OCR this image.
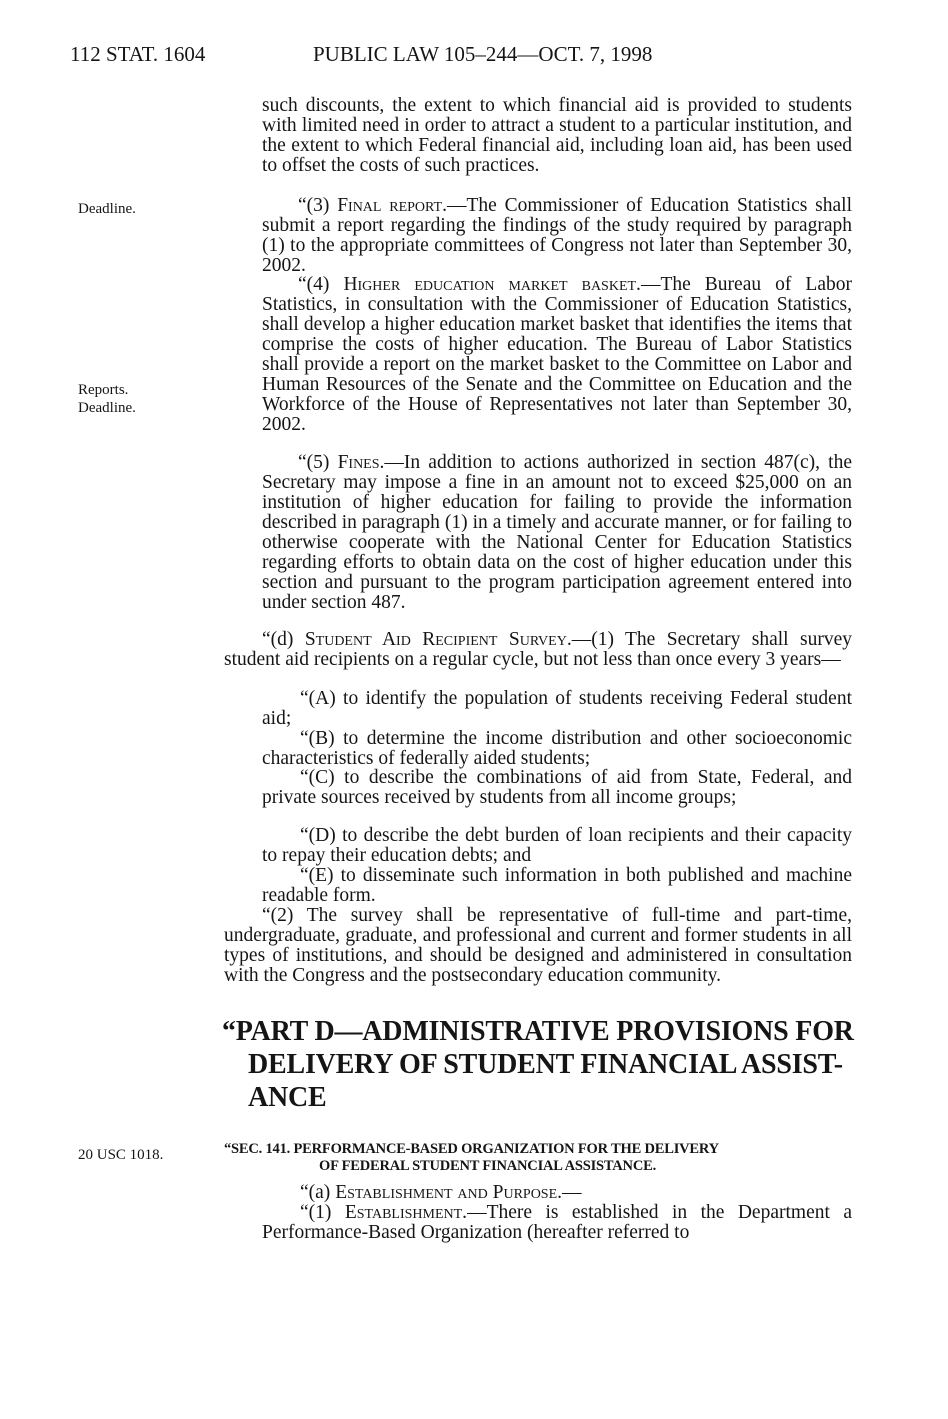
112 STAT. 1604	PUBLIC LAW 105–244—OCT. 7, 1998
Deadline.
Reports.
Deadline.
20 USC 1018.
such discounts, the extent to which financial aid is provided to students with limited need in order to attract a student to a particular institution, and the extent to which Federal financial aid, including loan aid, has been used to offset the costs of such practices.
“(3) Final report.—The Commissioner of Education Statistics shall submit a report regarding the findings of the study required by paragraph (1) to the appropriate committees of Congress not later than September 30, 2002.
“(4) Higher education market basket.—The Bureau of Labor Statistics, in consultation with the Commissioner of Education Statistics, shall develop a higher education market basket that identifies the items that comprise the costs of higher education. The Bureau of Labor Statistics shall provide a report on the market basket to the Committee on Labor and Human Resources of the Senate and the Committee on Education and the Workforce of the House of Representatives not later than September 30, 2002.
“(5) Fines.—In addition to actions authorized in section 487(c), the Secretary may impose a fine in an amount not to exceed $25,000 on an institution of higher education for failing to provide the information described in paragraph (1) in a timely and accurate manner, or for failing to otherwise cooperate with the National Center for Education Statistics regarding efforts to obtain data on the cost of higher education under this section and pursuant to the program participation agreement entered into under section 487.
“(d) Student Aid Recipient Survey.—(1) The Secretary shall survey student aid recipients on a regular cycle, but not less than once every 3 years—
“(A) to identify the population of students receiving Federal student aid;
“(B) to determine the income distribution and other socioeconomic characteristics of federally aided students;
“(C) to describe the combinations of aid from State, Federal, and private sources received by students from all income groups;
“(D) to describe the debt burden of loan recipients and their capacity to repay their education debts; and
“(E) to disseminate such information in both published and machine readable form.
“(2) The survey shall be representative of full-time and part-time, undergraduate, graduate, and professional and current and former students in all types of institutions, and should be designed and administered in consultation with the Congress and the postsecondary education community.
“PART D—ADMINISTRATIVE PROVISIONS FOR
DELIVERY OF STUDENT FINANCIAL ASSIST-ANCE
“SEC. 141. PERFORMANCE-BASED ORGANIZATION FOR THE DELIVERY
OF FEDERAL STUDENT FINANCIAL ASSISTANCE.
“(a) Establishment and Purpose.—
“(1) Establishment.—There is established in the Department a Performance-Based Organization (hereafter referred to
